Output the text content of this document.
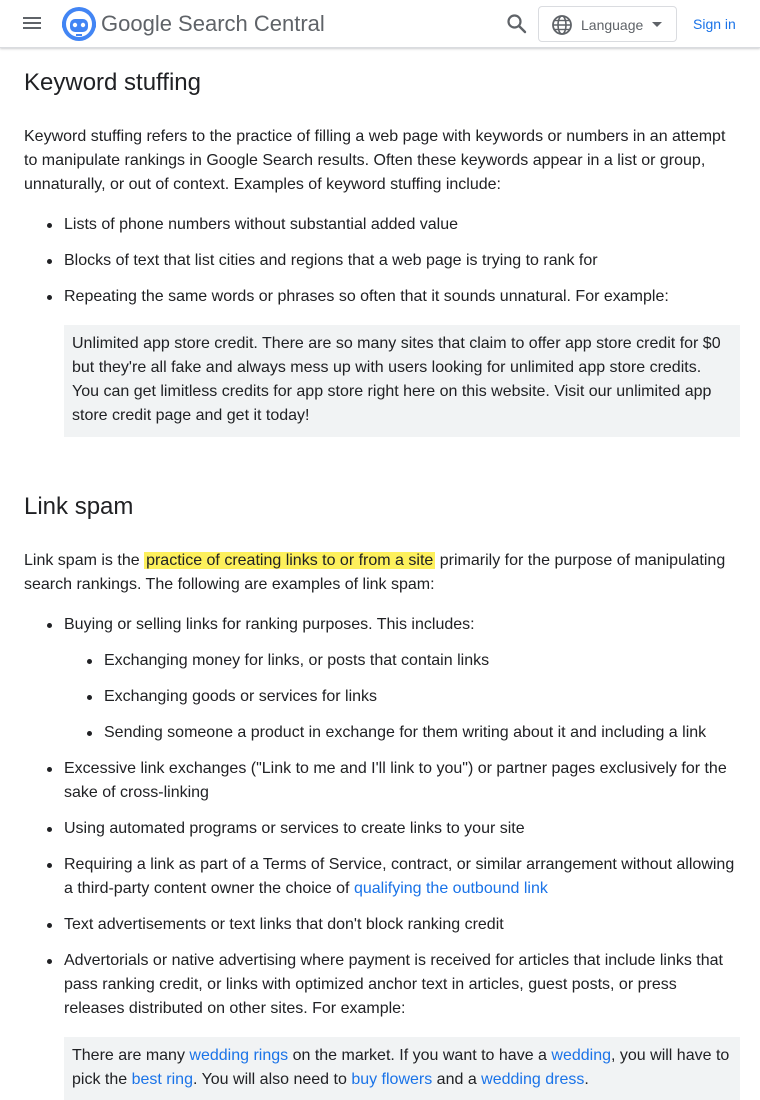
Google Search Central	Language	Sign in
Keyword stuffing

Keyword stuffing refers to the practice of filling a web page with keywords or numbers in an attempt to manipulate rankings in Google Search results. Often these keywords appear in a list or group, unnaturally, or out of context. Examples of keyword stuffing include:

Lists of phone numbers without substantial added value
Blocks of text that list cities and regions that a web page is trying to rank for
Repeating the same words or phrases so often that it sounds unnatural. For example:
Unlimited app store credit. There are so many sites that claim to offer app store credit for $0 but they're all fake and always mess up with users looking for unlimited app store credits. You can get limitless credits for app store right here on this website. Visit our unlimited app store credit page and get it today!
Link spam

Link spam is the practice of creating links to or from a site primarily for the purpose of manipulating search rankings. The following are examples of link spam:

Buying or selling links for ranking purposes. This includes:
Exchanging money for links, or posts that contain links
Exchanging goods or services for links
Sending someone a product in exchange for them writing about it and including a link
Excessive link exchanges ("Link to me and I'll link to you") or partner pages exclusively for the sake of cross-linking
Using automated programs or services to create links to your site
Requiring a link as part of a Terms of Service, contract, or similar arrangement without allowing a third-party content owner the choice of qualifying the outbound link
Text advertisements or text links that don't block ranking credit
Advertorials or native advertising where payment is received for articles that include links that pass ranking credit, or links with optimized anchor text in articles, guest posts, or press releases distributed on other sites. For example:
There are many wedding rings on the market. If you want to have a wedding, you will have to pick the best ring. You will also need to buy flowers and a wedding dress.
